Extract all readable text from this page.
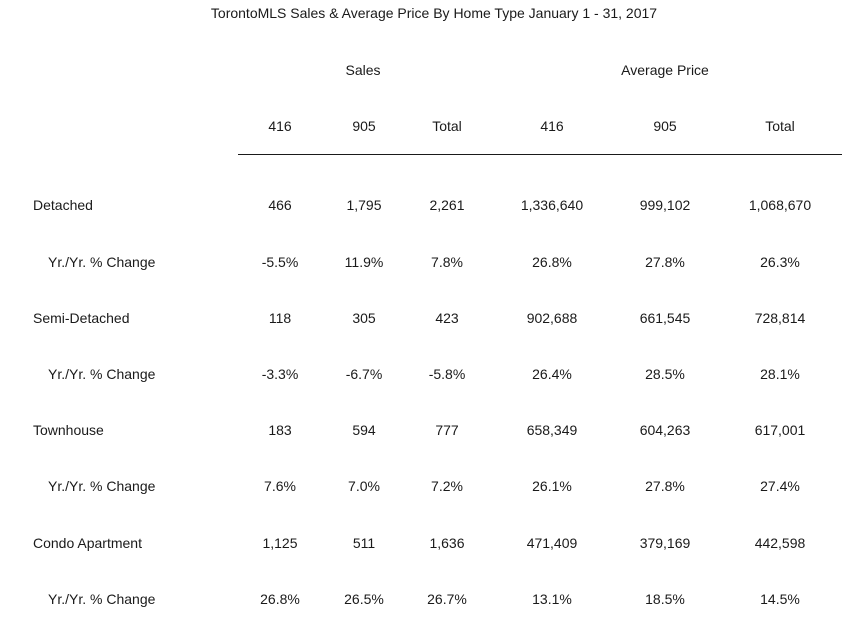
TorontoMLS Sales & Average Price By Home Type January 1 - 31, 2017
Sales	Average Price
416	905	Total	416	905	Total
Detached	466	1,795	2,261	1,336,640	999,102	1,068,670
Yr./Yr. % Change	-5.5%	11.9%	7.8%	26.8%	27.8%	26.3%
Semi-Detached	118	305	423	902,688	661,545	728,814
Yr./Yr. % Change	-3.3%	-6.7%	-5.8%	26.4%	28.5%	28.1%
Townhouse	183	594	777	658,349	604,263	617,001
Yr./Yr. % Change	7.6%	7.0%	7.2%	26.1%	27.8%	27.4%
Condo Apartment	1,125	511	1,636	471,409	379,169	442,598
Yr./Yr. % Change	26.8%	26.5%	26.7%	13.1%	18.5%	14.5%
